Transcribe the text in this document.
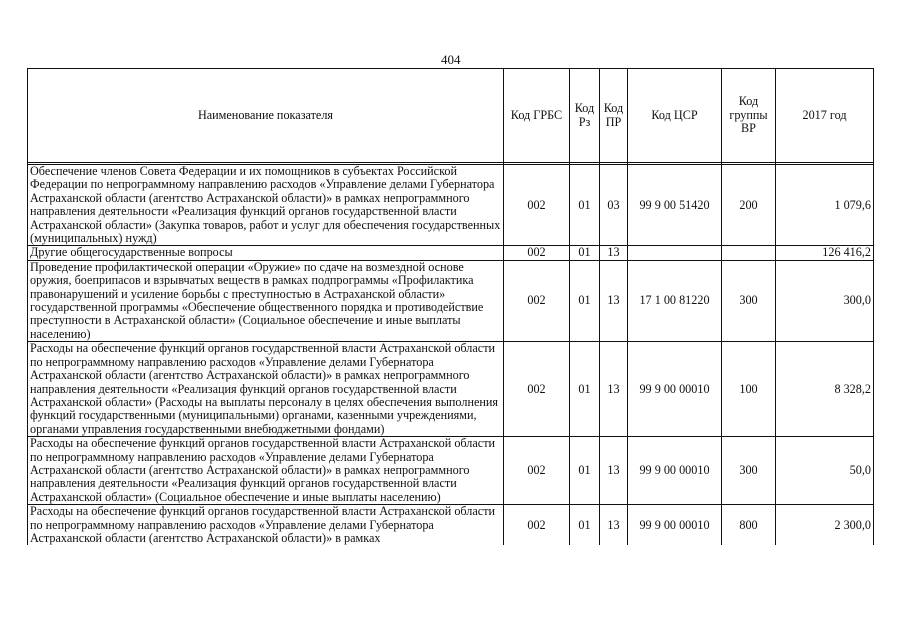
404
Наименование показателя	Код ГРБС	Код Рз	Код ПР	Код ЦСР	Код группы ВР	2017 год

Обеспечение членов Совета Федерации и их помощников в субъектах Российской Федерации по непрограммному направлению расходов «Управление делами Губернатора Астраханской области (агентство Астраханской области)» в рамках непрограммного направления деятельности «Реализация функций органов государственной власти Астраханской области» (Закупка товаров, работ и услуг для обеспечения государственных (муниципальных) нужд)	002	01	03	99 9 00 51420	200	1 079,6
Другие общегосударственные вопросы	002	01	13			126 416,2
Проведение профилактической операции «Оружие» по сдаче на возмездной основе оружия, боеприпасов и взрывчатых веществ в рамках подпрограммы «Профилактика правонарушений и усиление борьбы с преступностью в Астраханской области» государственной программы «Обеспечение общественного порядка и противодействие преступности в Астраханской области» (Социальное обеспечение и иные выплаты населению)	002	01	13	17 1 00 81220	300	300,0
Расходы на обеспечение функций органов государственной власти Астраханской области по непрограммному направлению расходов «Управление делами Губернатора Астраханской области (агентство Астраханской области)» в рамках непрограммного направления деятельности «Реализация функций органов государственной власти Астраханской области» (Расходы на выплаты персоналу в целях обеспечения выполнения функций государственными (муниципальными) органами, казенными учреждениями, органами управления государственными внебюджетными фондами)	002	01	13	99 9 00 00010	100	8 328,2
Расходы на обеспечение функций органов государственной власти Астраханской области по непрограммному направлению расходов «Управление делами Губернатора Астраханской области (агентство Астраханской области)» в рамках непрограммного направления деятельности «Реализация функций органов государственной власти Астраханской области» (Социальное обеспечение и иные выплаты населению)	002	01	13	99 9 00 00010	300	50,0
Расходы на обеспечение функций органов государственной власти Астраханской области по непрограммному направлению расходов «Управление делами Губернатора Астраханской области (агентство Астраханской области)» в рамках	002	01	13	99 9 00 00010	800	2 300,0
